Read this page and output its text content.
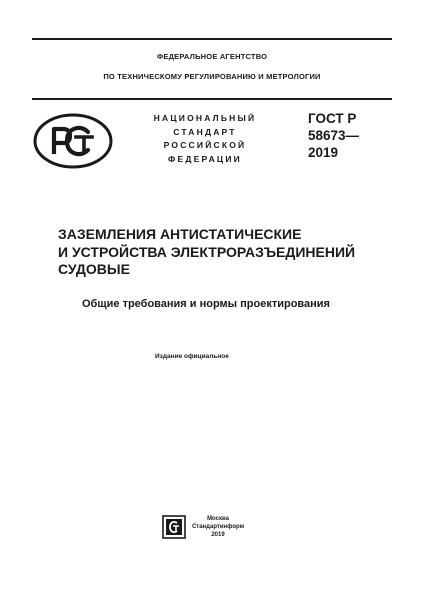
ФЕДЕРАЛЬНОЕ АГЕНТСТВО
ПО ТЕХНИЧЕСКОМУ РЕГУЛИРОВАНИЮ И МЕТРОЛОГИИ
РСТ
НАЦИОНАЛЬНЫЙ
СТАНДАРТ
РОССИЙСКОЙ
ФЕДЕРАЦИИ
ГОСТ Р
58673—
2019
ЗАЗЕМЛЕНИЯ АНТИСТАТИЧЕСКИЕ
И УСТРОЙСТВА ЭЛЕКТРОРАЗЪЕДИНЕНИЙ
СУДОВЫЕ
Общие требования и нормы проектирования
Издание официальное
СТИ
Москва
Стандартинформ
2019
